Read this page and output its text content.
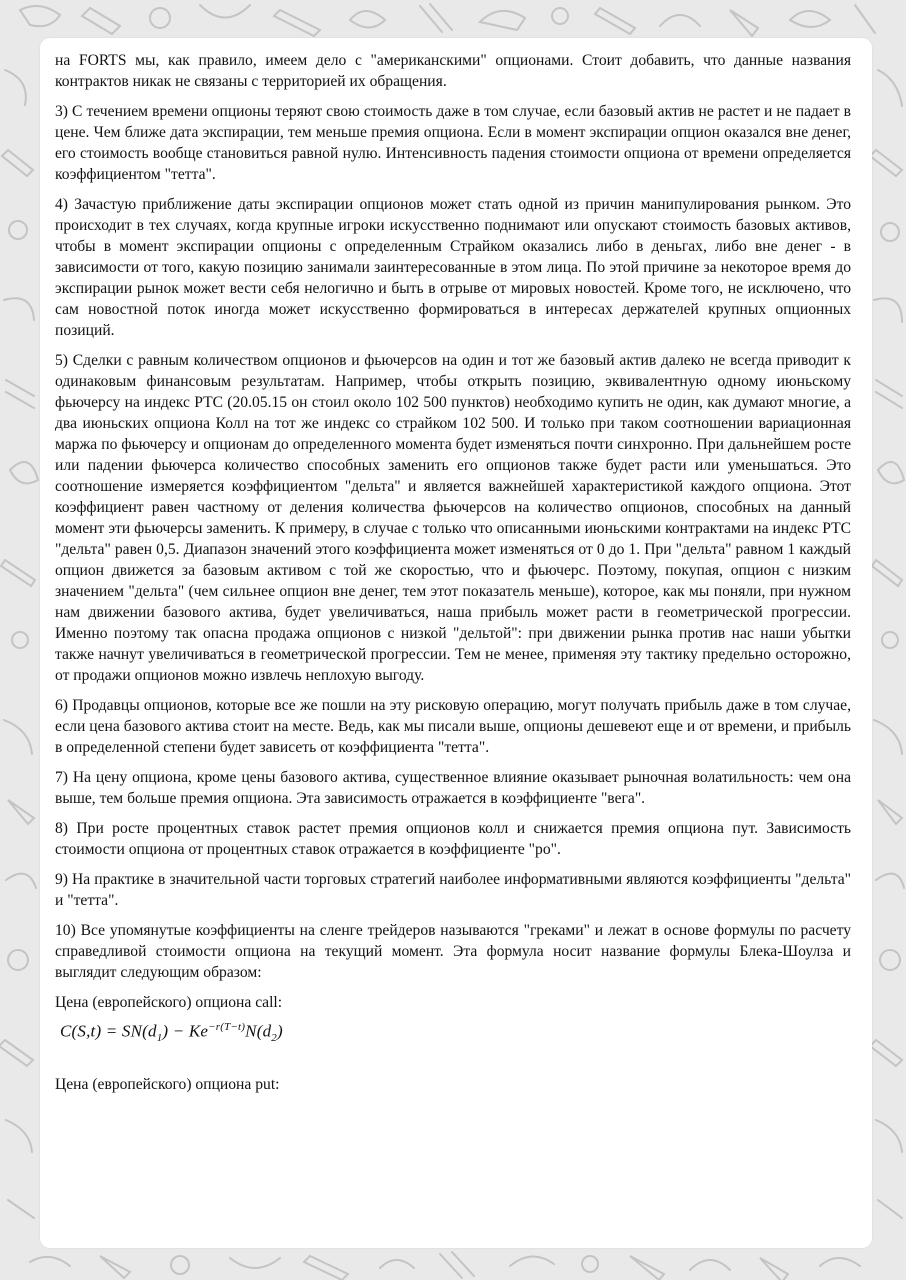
на FORTS мы, как правило, имеем дело с "американскими" опционами. Стоит добавить, что данные названия контрактов никак не связаны с территорией их обращения.

3) С течением времени опционы теряют свою стоимость даже в том случае, если базовый актив не растет и не падает в цене. Чем ближе дата экспирации, тем меньше премия опциона. Если в момент экспирации опцион оказался вне денег, его стоимость вообще становиться равной нулю. Интенсивность падения стоимости опциона от времени определяется коэффициентом "тетта".

4) Зачастую приближение даты экспирации опционов может стать одной из причин манипулирования рынком. Это происходит в тех случаях, когда крупные игроки искусственно поднимают или опускают стоимость базовых активов, чтобы в момент экспирации опционы с определенным Страйком оказались либо в деньгах, либо вне денег - в зависимости от того, какую позицию занимали заинтересованные в этом лица. По этой причине за некоторое время до экспирации рынок может вести себя нелогично и быть в отрыве от мировых новостей. Кроме того, не исключено, что сам новостной поток иногда может искусственно формироваться в интересах держателей крупных опционных позиций.

5) Сделки с равным количеством опционов и фьючерсов на один и тот же базовый актив далеко не всегда приводит к одинаковым финансовым результатам. Например, чтобы открыть позицию, эквивалентную одному июньскому фьючерсу на индекс РТС (20.05.15 он стоил около 102 500 пунктов) необходимо купить не один, как думают многие, а два июньских опциона Колл на тот же индекс со страйком 102 500. И только при таком соотношении вариационная маржа по фьючерсу и опционам до определенного момента будет изменяться почти синхронно. При дальнейшем росте или падении фьючерса количество способных заменить его опционов также будет расти или уменьшаться. Это соотношение измеряется коэффициентом "дельта" и является важнейшей характеристикой каждого опциона. Этот коэффициент равен частному от деления количества фьючерсов на количество опционов, способных на данный момент эти фьючерсы заменить. К примеру, в случае с только что описанными июньскими контрактами на индекс РТС "дельта" равен 0,5. Диапазон значений этого коэффициента может изменяться от 0 до 1. При "дельта" равном 1 каждый опцион движется за базовым активом с той же скоростью, что и фьючерс. Поэтому, покупая, опцион с низким значением "дельта" (чем сильнее опцион вне денег, тем этот показатель меньше), которое, как мы поняли, при нужном нам движении базового актива, будет увеличиваться, наша прибыль может расти в геометрической прогрессии. Именно поэтому так опасна продажа опционов с низкой "дельтой": при движении рынка против нас наши убытки также начнут увеличиваться в геометрической прогрессии. Тем не менее, применяя эту тактику предельно осторожно, от продажи опционов можно извлечь неплохую выгоду.

6) Продавцы опционов, которые все же пошли на эту рисковую операцию, могут получать прибыль даже в том случае, если цена базового актива стоит на месте. Ведь, как мы писали выше, опционы дешевеют еще и от времени, и прибыль в определенной степени будет зависеть от коэффициента "тетта".

7) На цену опциона, кроме цены базового актива, существенное влияние оказывает рыночная волатильность: чем она выше, тем больше премия опциона. Эта зависимость отражается в коэффициенте "вега".

8) При росте процентных ставок растет премия опционов колл и снижается премия опциона пут. Зависимость стоимости опциона от процентных ставок отражается в коэффициенте "ро".

9) На практике в значительной части торговых стратегий наиболее информативными являются коэффициенты "дельта" и "тетта".

10) Все упомянутые коэффициенты на сленге трейдеров называются "греками" и лежат в основе формулы по расчету справедливой стоимости опциона на текущий момент. Эта формула носит название формулы Блека-Шоулза и выглядит следующим образом:

Цена (европейского) опциона call:

$C(S,t) = SN(d_1) - Ke^{-r(T-t)}N(d_2)$

Цена (европейского) опциона put:
